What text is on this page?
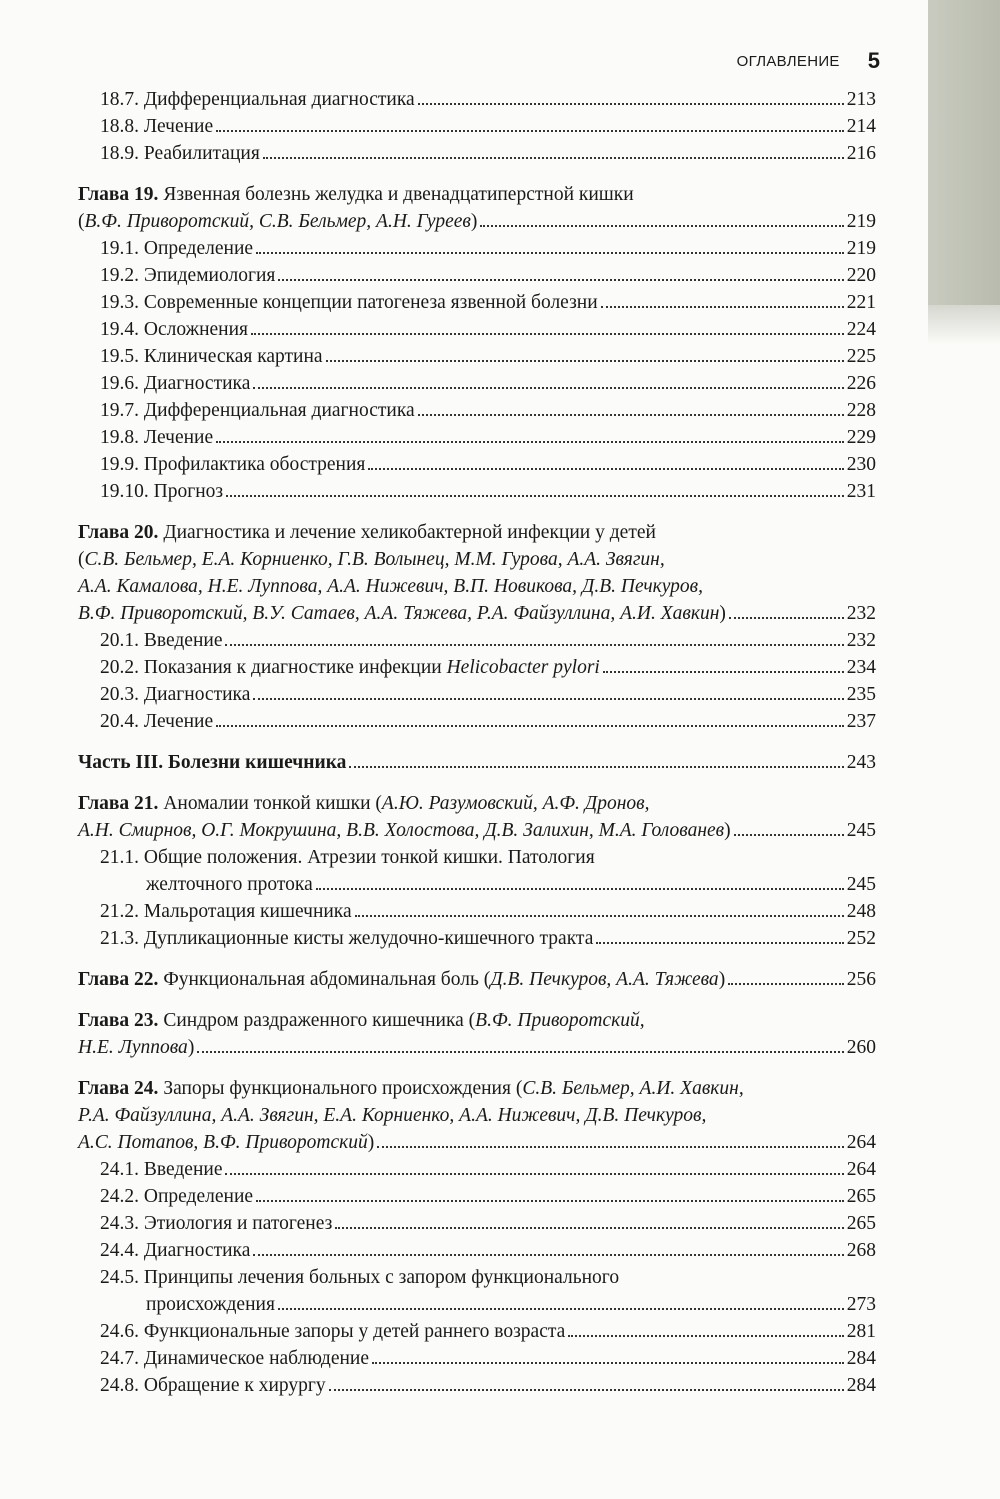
ОГЛАВЛЕНИЕ 5
18.7. Дифференциальная диагностика	213
18.8. Лечение	214
18.9. Реабилитация	216
Глава 19. Язвенная болезнь желудка и двенадцатиперстной кишки
( В.Ф. Приворотский, С.В. Бельмер, А.Н. Гуреев )	219
19.1. Определение	219
19.2. Эпидемиология	220
19.3. Современные концепции патогенеза язвенной болезни	221
19.4. Осложнения	224
19.5. Клиническая картина	225
19.6. Диагностика	226
19.7. Дифференциальная диагностика	228
19.8. Лечение	229
19.9. Профилактика обострения	230
19.10. Прогноз	231
Глава 20. Диагностика и лечение хеликобактерной инфекции у детей
( С.В. Бельмер, Е.А. Корниенко, Г.В. Волынец, М.М. Гурова, А.А. Звягин,
А.А. Камалова, Н.Е. Луппова, А.А. Нижевич, В.П. Новикова, Д.В. Печкуров,
В.Ф. Приворотский, В.У. Сатаев, А.А. Тяжева, Р.А. Файзуллина, А.И. Хавкин )	232
20.1. Введение	232
20.2. Показания к диагностике инфекции Helicobacter pylori	234
20.3. Диагностика	235
20.4. Лечение	237
Часть III. Болезни кишечника	243
Глава 21. Аномалии тонкой кишки ( А.Ю. Разумовский, А.Ф. Дронов,
А.Н. Смирнов, О.Г. Мокрушина, В.В. Холостова, Д.В. Залихин, М.А. Голованев )	245
21.1. Общие положения. Атрезии тонкой кишки. Патология
желточного протока	245
21.2. Мальротация кишечника	248
21.3. Дупликационные кисты желудочно-кишечного тракта	252
Глава 22. Функциональная абдоминальная боль ( Д.В. Печкуров, А.А. Тяжева )	256
Глава 23. Синдром раздраженного кишечника ( В.Ф. Приворотский,
Н.Е. Луппова )	260
Глава 24. Запоры функционального происхождения ( С.В. Бельмер, А.И. Хавкин,
Р.А. Файзуллина, А.А. Звягин, Е.А. Корниенко, А.А. Нижевич, Д.В. Печкуров,
А.С. Потапов, В.Ф. Приворотский )	264
24.1. Введение	264
24.2. Определение	265
24.3. Этиология и патогенез	265
24.4. Диагностика	268
24.5. Принципы лечения больных с запором функционального
происхождения	273
24.6. Функциональные запоры у детей раннего возраста	281
24.7. Динамическое наблюдение	284
24.8. Обращение к хирургу	284
